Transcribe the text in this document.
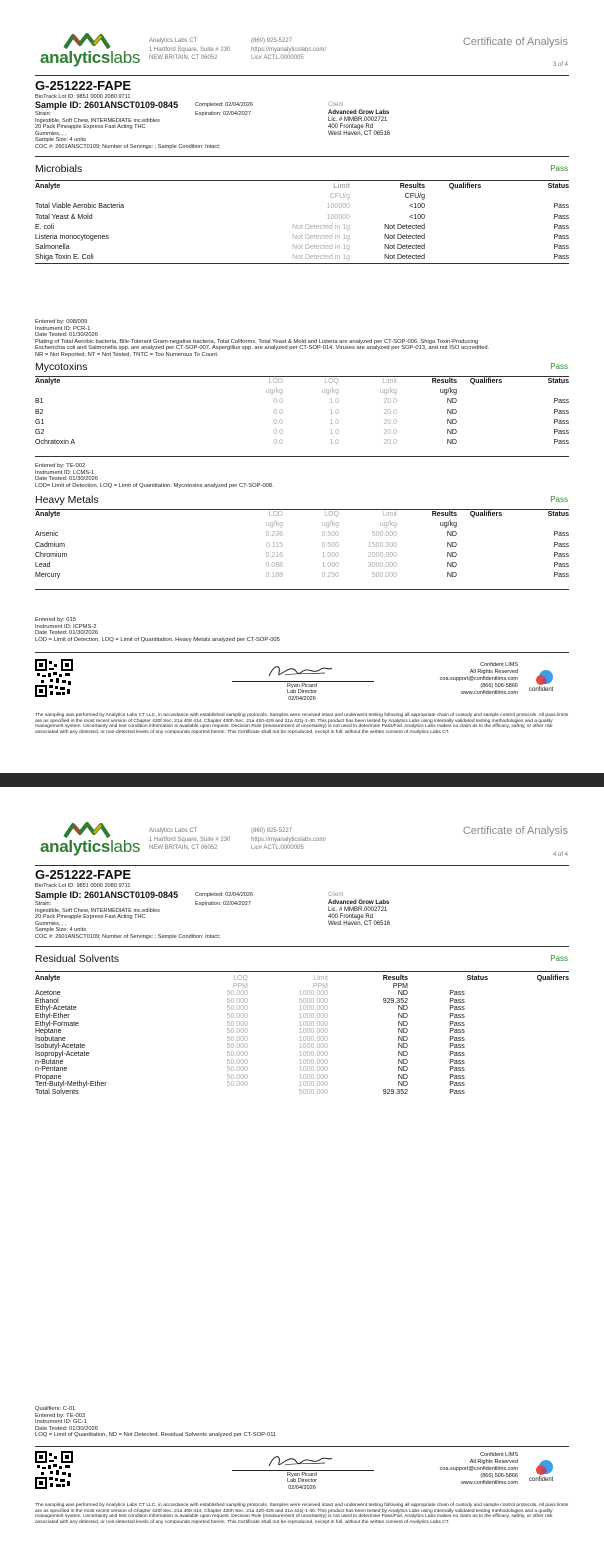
analyticslabs
Analytics Labs CT
1 Hartford Square, Suite # 230
NEW BRITAIN, CT 06052
(860) 925-5227
https://myanalyticslabs.com/
Lic# ACTL.0000005
Certificate of Analysis
3 of 4
G-251222-FAPE
BioTrack Lot ID: 9851 0000 2080 9711
Sample ID: 2601ANSCT0109-0845	Completed: 02/04/2026
Expiration: 02/04/2027
Strain:
Ingestible, Soft Chew, INTERMEDIATE inc.edibles
20 Pack Pineapple Express Fast Acting THC
Gummies, , ,
Sample Size: 4 units
COC #: 2601ANSCT0109; Number of Servings: ; Sample Condition: Intact;
Client
Advanced Grow Labs
Lic. # MMBR.0002721
400 Frontage Rd
West Haven, CT 06516
Microbials	Pass
Analyte	Limit	Results	Qualifiers	Status
	CFU/g	CFU/g		
Total Viable Aerobic Bacteria	100000	<100		Pass
Total Yeast & Mold	100000	<100		Pass
E. coli	Not Detected in 1g	Not Detected		Pass
Listeria monocytogenes	Not Detected in 1g	Not Detected		Pass
Salmonella	Not Detected in 1g	Not Detected		Pass
Shiga Toxin E. Coli	Not Detected in 1g	Not Detected		Pass
Entered by: 008/009
Instrument ID: PCR-1
Date Tested: 01/30/2026
Plating of Total Aerobic bacteria, Bile-Tolerant Gram-negative bacteria, Total Coliforms, Total Yeast & Mold and Listeria are analyzed per CT-SOP-006. Shiga Toxin-Producing
Escherichia coli and Salmonella spp. are analyzed per CT-SOP-007. Aspergillus spp. are analyzed per CT-SOP-014. Viruses are analyzed per SOP-013, and not ISO accredited.
NR = Not Reported, NT = Not Tested, TNTC = Too Numerous To Count.
Mycotoxins	Pass
Analyte	LOD	LOQ	Limit	Results	Qualifiers	Status
	ug/kg	ug/kg	ug/kg	ug/kg		
B1	0.0	1.0	20.0	ND		Pass
B2	0.0	1.0	20.0	ND		Pass
G1	0.0	1.0	20.0	ND		Pass
G2	0.0	1.0	20.0	ND		Pass
Ochratoxin A	0.0	1.0	20.0	ND		Pass
Entered by: TE-002
Instrument ID: LCMS-1
Date Tested: 01/30/2026
LOD= Limit of Detection, LOQ = Limit of Quantitation. Mycotoxins analyzed per CT-SOP-008.
Heavy Metals	Pass
Analyte	LOD	LOQ	Limit	Results	Qualifiers	Status
	ug/kg	ug/kg	ug/kg	ug/kg		
Arsenic	0.236	0.500	500.000	ND		Pass
Cadmium	0.115	0.500	1500.000	ND		Pass
Chromium	0.216	1.000	2000.000	ND		Pass
Lead	0.088	1.000	3000.000	ND		Pass
Mercury	0.188	0.250	500.000	ND		Pass
Entered by: 015
Instrument ID: ICPMS-2
Date Tested: 01/30/2026
LOD = Limit of Detection, LOQ = Limit of Quantitation. Heavy Metals analyzed per CT-SOP-005
Ryan Picard
Lab Director
02/04/2026
Confident LIMS
All Rights Reserved
coa.support@confidentlims.com
(866) 506-5866
www.confidentlims.com confident
The sampling was performed by Analytics Labs CT LLC, in accordance with established sampling protocols. Samples were received intact and underwent testing following all appropriate chain of custody and sample control protocols. All pass limits are as specified in the most recent version of Chapter 420f Sec. 21a 408 414, Chapter 420h Sec. 21a 420-429 and 21a 421j-1-40. This product has been tested by Analytics Labs using internally validated testing methodologies and a quality management system. Uncertainty and test condition information is available upon request. Decision Rule (measurement of uncertainty) is not used to determine Pass/Fail. Analytics Labs makes no claim as to the efficacy, safety, or other risk associated with any detected, or non-detected levels of any compounds reported herein. This Certificate shall not be reproduced, except in full, without the written consent of Analytics Labs CT.
analyticslabs
Analytics Labs CT
1 Hartford Square, Suite # 230
NEW BRITAIN, CT 06052
(860) 925-5227
https://myanalyticslabs.com/
Lic# ACTL.0000005
Certificate of Analysis
4 of 4
G-251222-FAPE
BioTrack Lot ID: 9851 0000 2080 9711
Sample ID: 2601ANSCT0109-0845	Completed: 02/04/2026
Expiration: 02/04/2027
Strain:
Ingestible, Soft Chew, INTERMEDIATE inc.edibles
20 Pack Pineapple Express Fast Acting THC
Gummies, , ,
Sample Size: 4 units
COC #: 2601ANSCT0109; Number of Servings: ; Sample Condition: Intact;
Client
Advanced Grow Labs
Lic. # MMBR.0002721
400 Frontage Rd
West Haven, CT 06516
Residual Solvents	Pass
Analyte	LOQ	Limit	Results	Status	Qualifiers
	PPM	PPM	PPM		
Acetone	50.000	1000.000	ND	Pass	
Ethanol	50.000	5000.000	929.352	Pass	
Ethyl-Acetate	50.000	1000.000	ND	Pass	
Ethyl-Ether	50.000	1000.000	ND	Pass	
Ethyl-Formate	50.000	1000.000	ND	Pass	
Heptane	50.000	1000.000	ND	Pass	
Isobutane	50.000	1000.000	ND	Pass	
Isobutyl-Acetate	50.000	1000.000	ND	Pass	
Isopropyl-Acetate	50.000	1000.000	ND	Pass	
n-Butane	50.000	1000.000	ND	Pass	
n-Pentane	50.000	1000.000	ND	Pass	
Propane	50.000	1000.000	ND	Pass	
Tert-Butyl-Methyl-Ether	50.000	1000.000	ND	Pass	
Total Solvents		5000.000	929.352	Pass	
Qualifiers: C-01
Entered by: TE-003
Instrument ID: GC-1
Date Tested: 01/30/2026
LOQ = Limit of Quantitation, ND = Not Detected. Residual Solvents analyzed per CT-SOP-011
Ryan Picard
Lab Director
02/04/2026
Confident LIMS
All Rights Reserved
coa.support@confidentlims.com
(866) 506-5866
www.confidentlims.com confident
The sampling was performed by Analytics Labs CT LLC, in accordance with established sampling protocols. Samples were received intact and underwent testing following all appropriate chain of custody and sample control protocols. All pass limits are as specified in the most recent version of Chapter 420f Sec. 21a 408 414, Chapter 420h Sec. 21a 420-429 and 21a 421j-1-40. This product has been tested by Analytics Labs using internally validated testing methodologies and a quality management system. Uncertainty and test condition information is available upon request. Decision Rule (measurement of uncertainty) is not used to determine Pass/Fail. Analytics Labs makes no claim as to the efficacy, safety, or other risk associated with any detected, or non-detected levels of any compounds reported herein. This Certificate shall not be reproduced, except in full, without the written consent of Analytics Labs CT.
